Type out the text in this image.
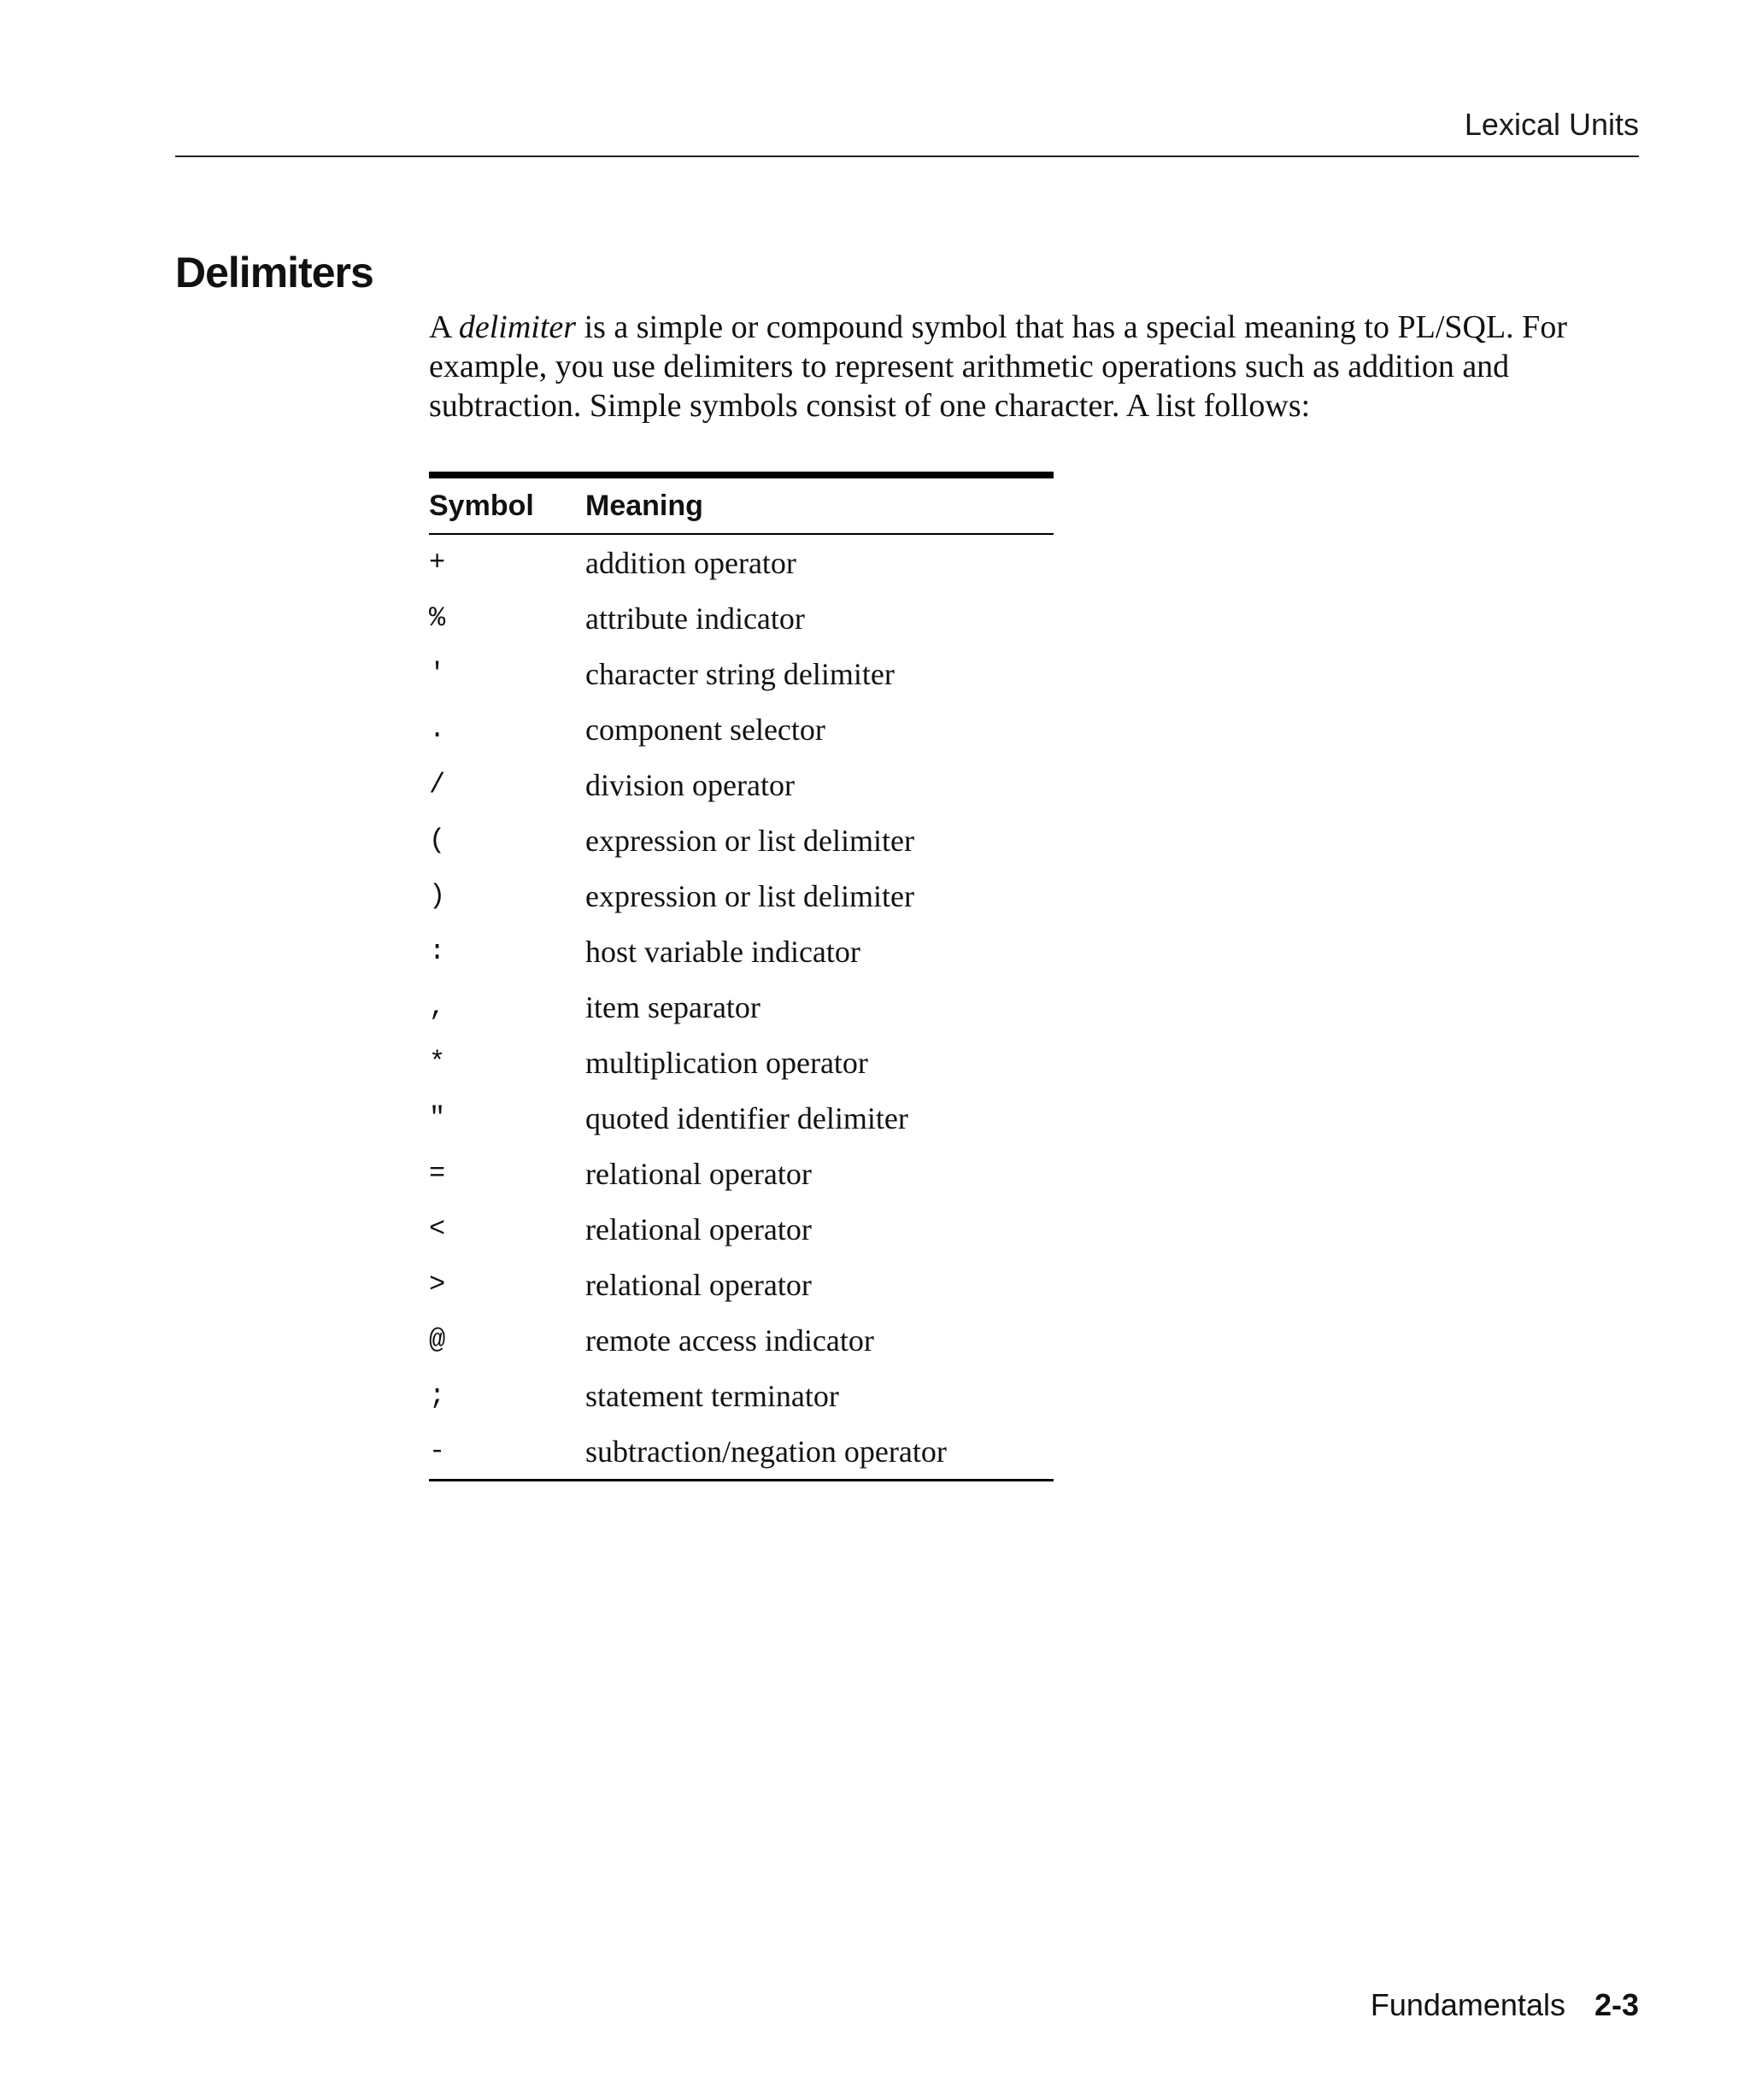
Lexical Units
Delimiters

A delimiter is a simple or compound symbol that has a special meaning to PL/SQL. For example, you use delimiters to represent arithmetic operations such as addition and subtraction. Simple symbols consist of one character. A list follows:

Symbol	Meaning
+	addition operator
%	attribute indicator
'	character string delimiter
.	component selector
/	division operator
(	expression or list delimiter
)	expression or list delimiter
:	host variable indicator
,	item separator
*	multiplication operator
"	quoted identifier delimiter
=	relational operator
<	relational operator
>	relational operator
@	remote access indicator
;	statement terminator
-	subtraction/negation operator
Fundamentals 2-3
